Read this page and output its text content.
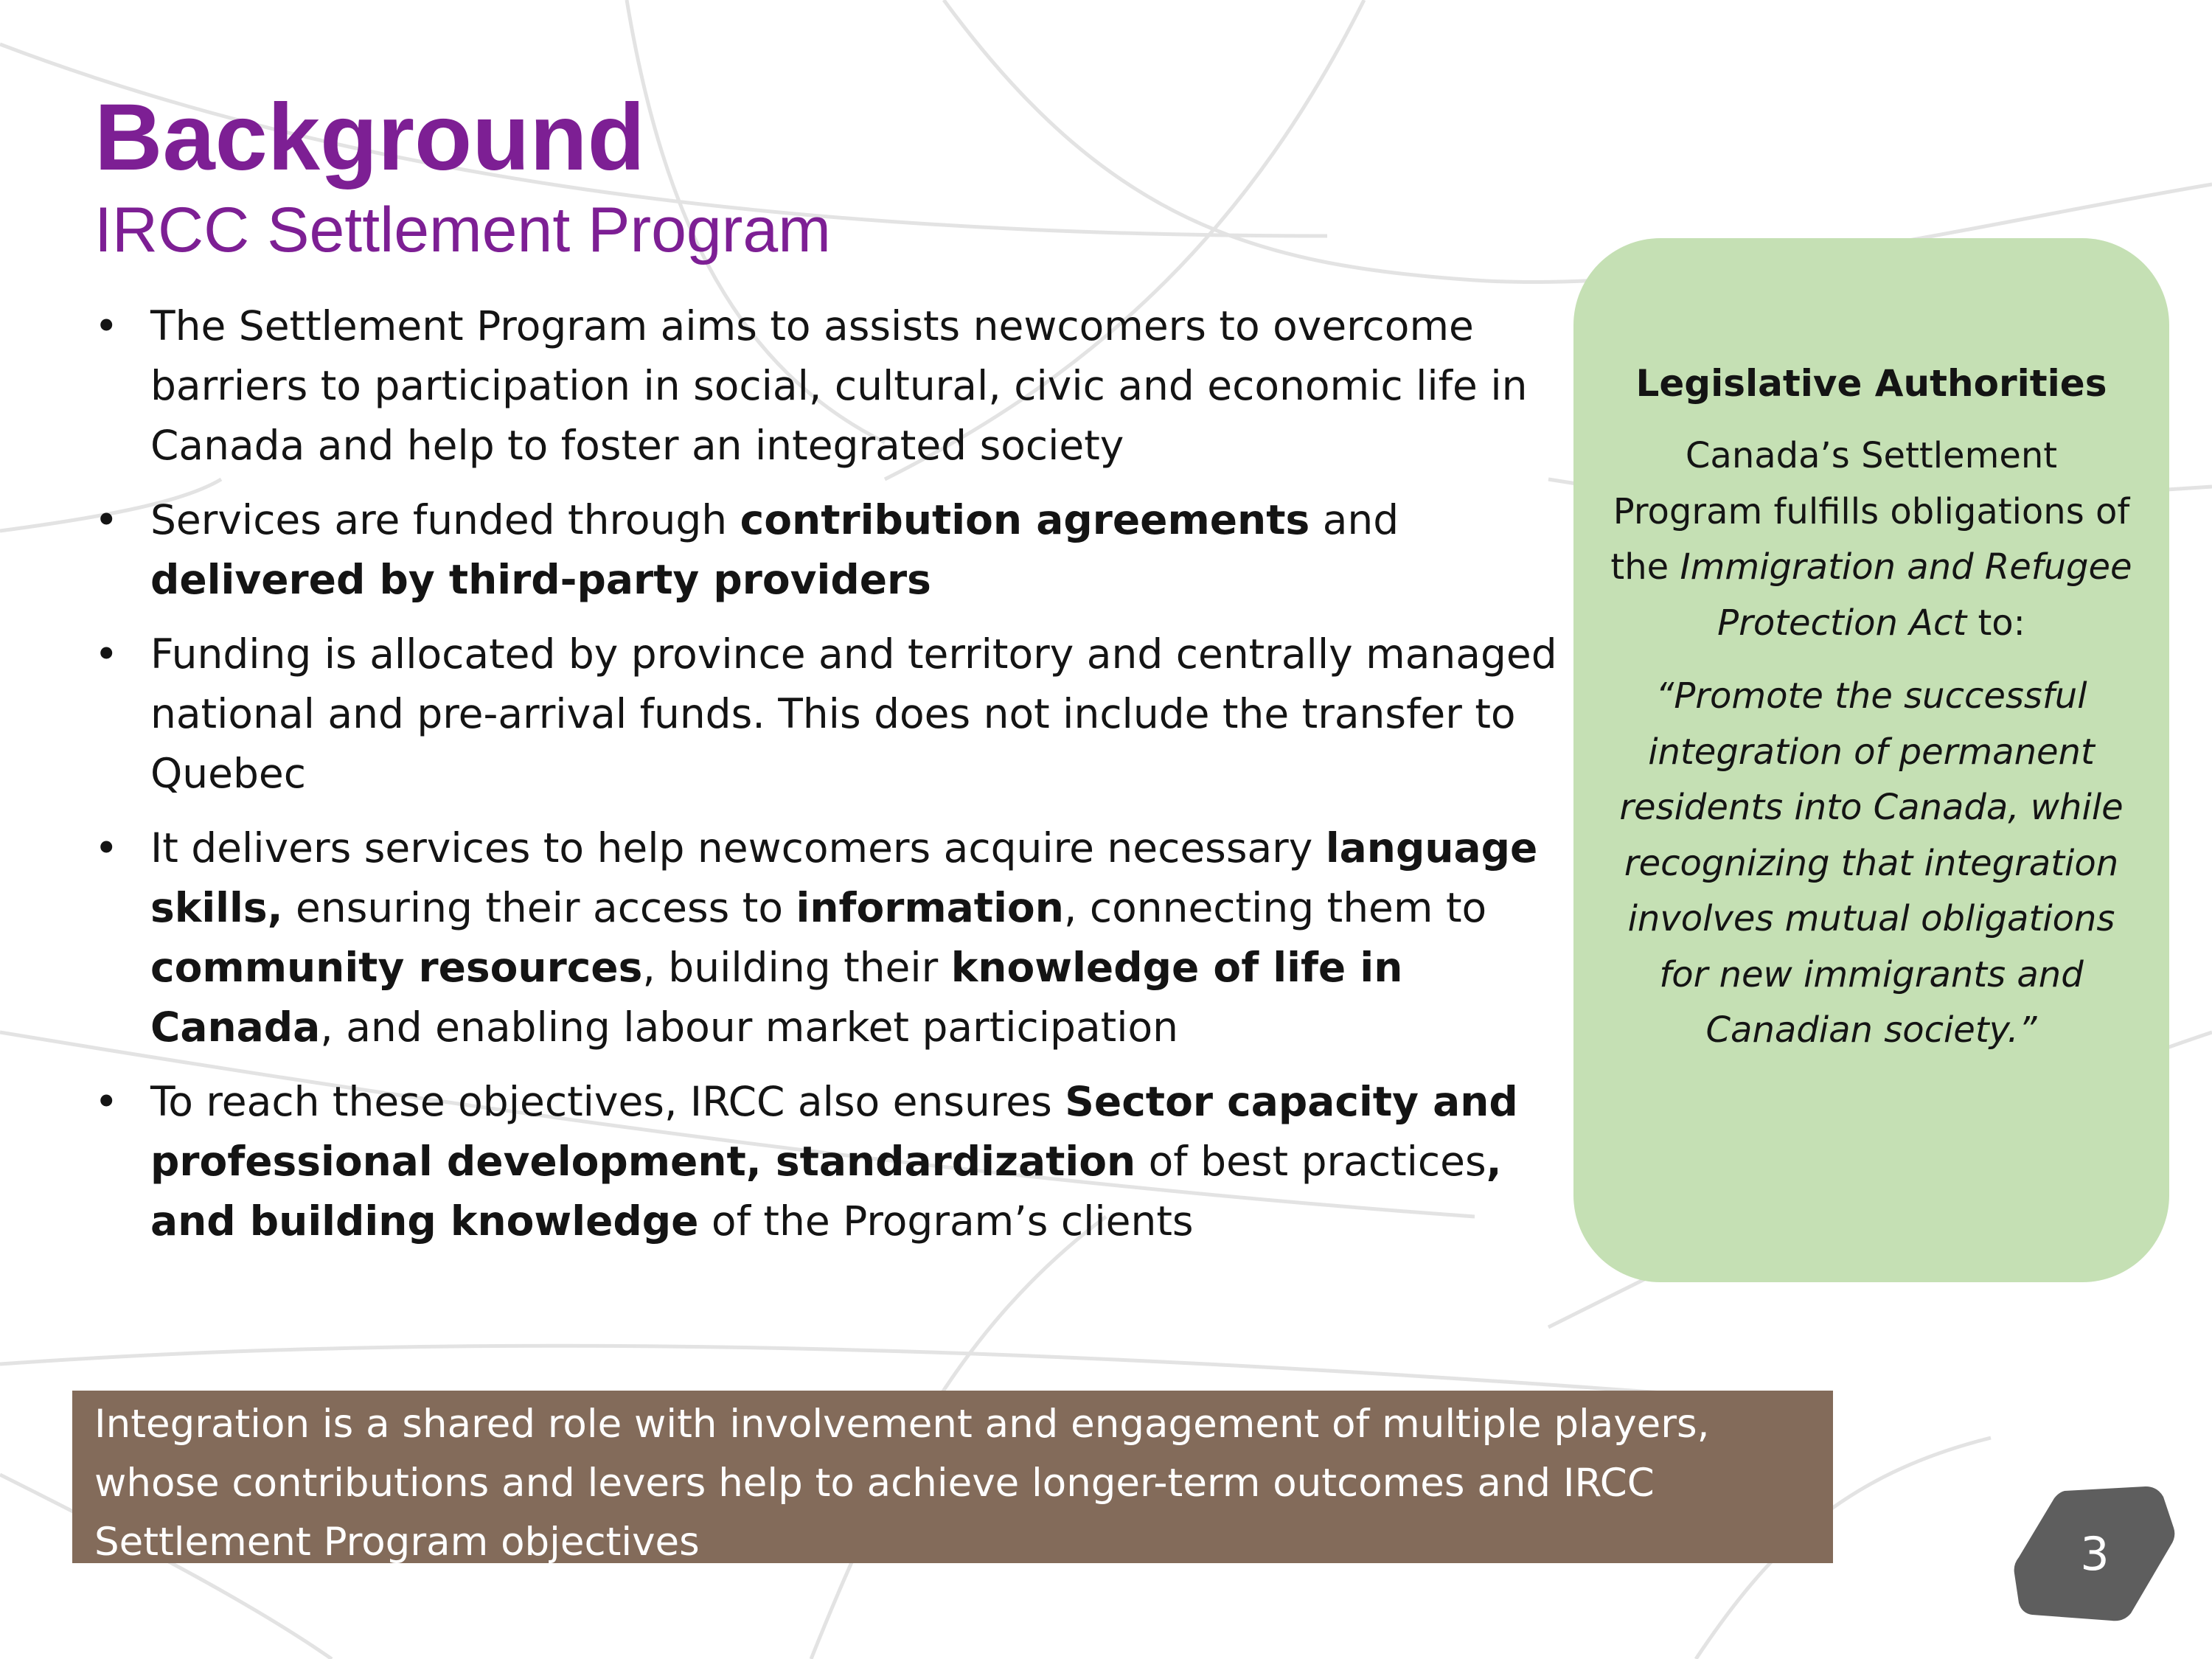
Background
IRCC Settlement Program
• The Settlement Program aims to assists newcomers to overcome barriers to participation in social, cultural, civic and economic life in Canada and help to foster an integrated society
• Services are funded through contribution agreements and delivered by third-party providers
• Funding is allocated by province and territory and centrally managed national and pre-arrival funds. This does not include the transfer to Quebec
• It delivers services to help newcomers acquire necessary language skills, ensuring their access to information, connecting them to community resources, building their knowledge of life in Canada, and enabling labour market participation
• To reach these objectives, IRCC also ensures Sector capacity and professional development, standardization of best practices, and building knowledge of the Program’s clients
Legislative Authorities
Canada’s Settlement Program fulfills obligations of the Immigration and Refugee Protection Act to:
“Promote the successful integration of permanent residents into Canada, while recognizing that integration involves mutual obligations for new immigrants and Canadian society.”
Integration is a shared role with involvement and engagement of multiple players, whose contributions and levers help to achieve longer-term outcomes and IRCC Settlement Program objectives	3
